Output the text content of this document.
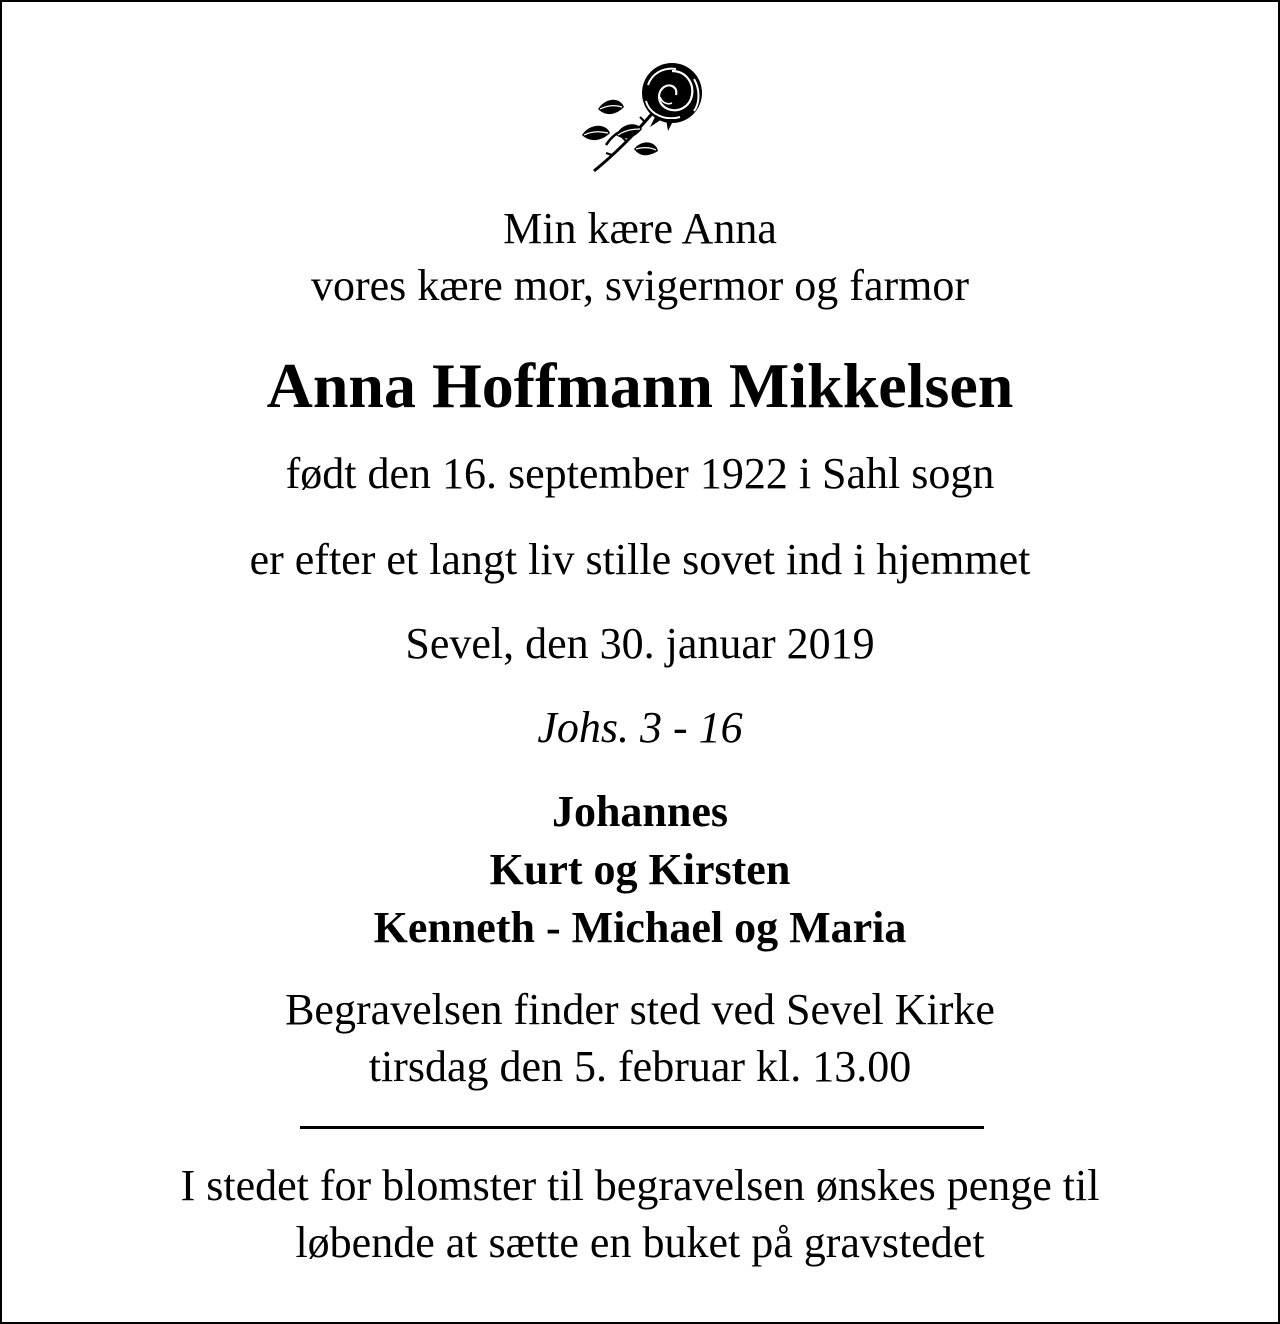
Min kære Anna
vores kære mor, svigermor og farmor
Anna Hoffmann Mikkelsen
født den 16. september 1922 i Sahl sogn
er efter et langt liv stille sovet ind i hjemmet
Sevel, den 30. januar 2019
Johs. 3 - 16
Johannes
Kurt og Kirsten
Kenneth - Michael og Maria
Begravelsen finder sted ved Sevel Kirke
tirsdag den 5. februar kl. 13.00
I stedet for blomster til begravelsen ønskes penge til
løbende at sætte en buket på gravstedet
